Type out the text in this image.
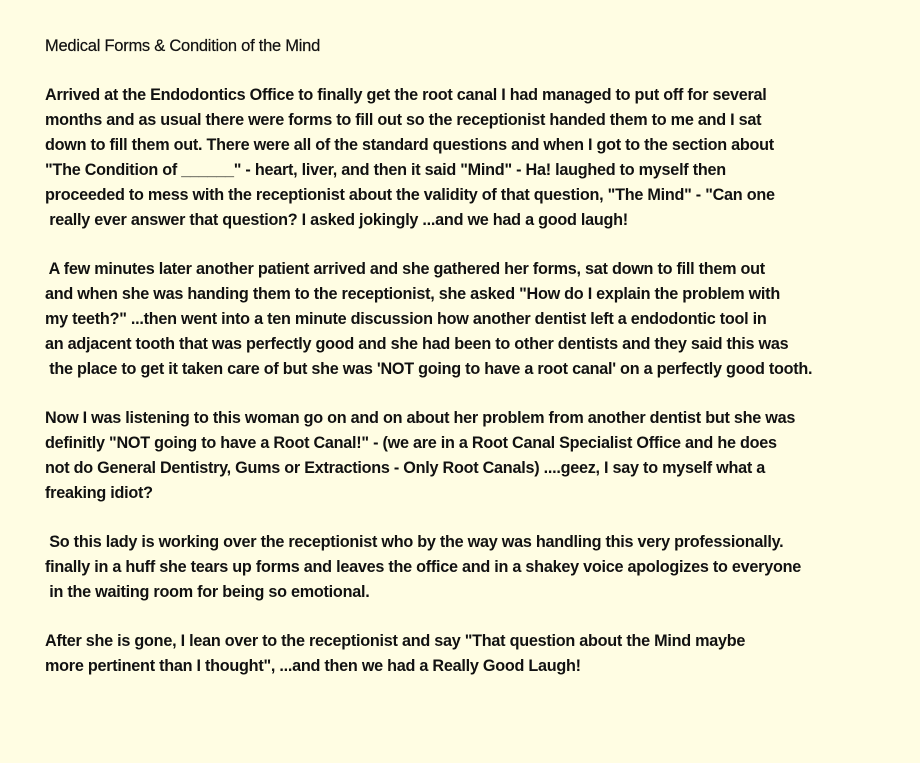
Medical Forms & Condition of the Mind
Arrived at the Endodontics Office to finally get the root canal I had managed to put off for several
months and as usual there were forms to fill out so the receptionist handed them to me and I sat
down to fill them out. There were all of the standard questions and when I got to the section about
"The Condition of ______" - heart, liver, and then it said "Mind" - Ha! laughed to myself then
proceeded to mess with the receptionist about the validity of that question, "The Mind" - "Can one
really ever answer that question? I asked jokingly ...and we had a good laugh!
A few minutes later another patient arrived and she gathered her forms, sat down to fill them out
and when she was handing them to the receptionist, she asked "How do I explain the problem with
my teeth?" ...then went into a ten minute discussion how another dentist left a endodontic tool in
an adjacent tooth that was perfectly good and she had been to other dentists and they said this was
the place to get it taken care of but she was 'NOT going to have a root canal' on a perfectly good tooth.
Now I was listening to this woman go on and on about her problem from another dentist but she was
definitly "NOT going to have a Root Canal!" - (we are in a Root Canal Specialist Office and he does
not do General Dentistry, Gums or Extractions - Only Root Canals) ....geez, I say to myself what a
freaking idiot?
So this lady is working over the receptionist who by the way was handling this very professionally.
finally in a huff she tears up forms and leaves the office and in a shakey voice apologizes to everyone
in the waiting room for being so emotional.
After she is gone, I lean over to the receptionist and say "That question about the Mind maybe
more pertinent than I thought", ...and then we had a Really Good Laugh!
